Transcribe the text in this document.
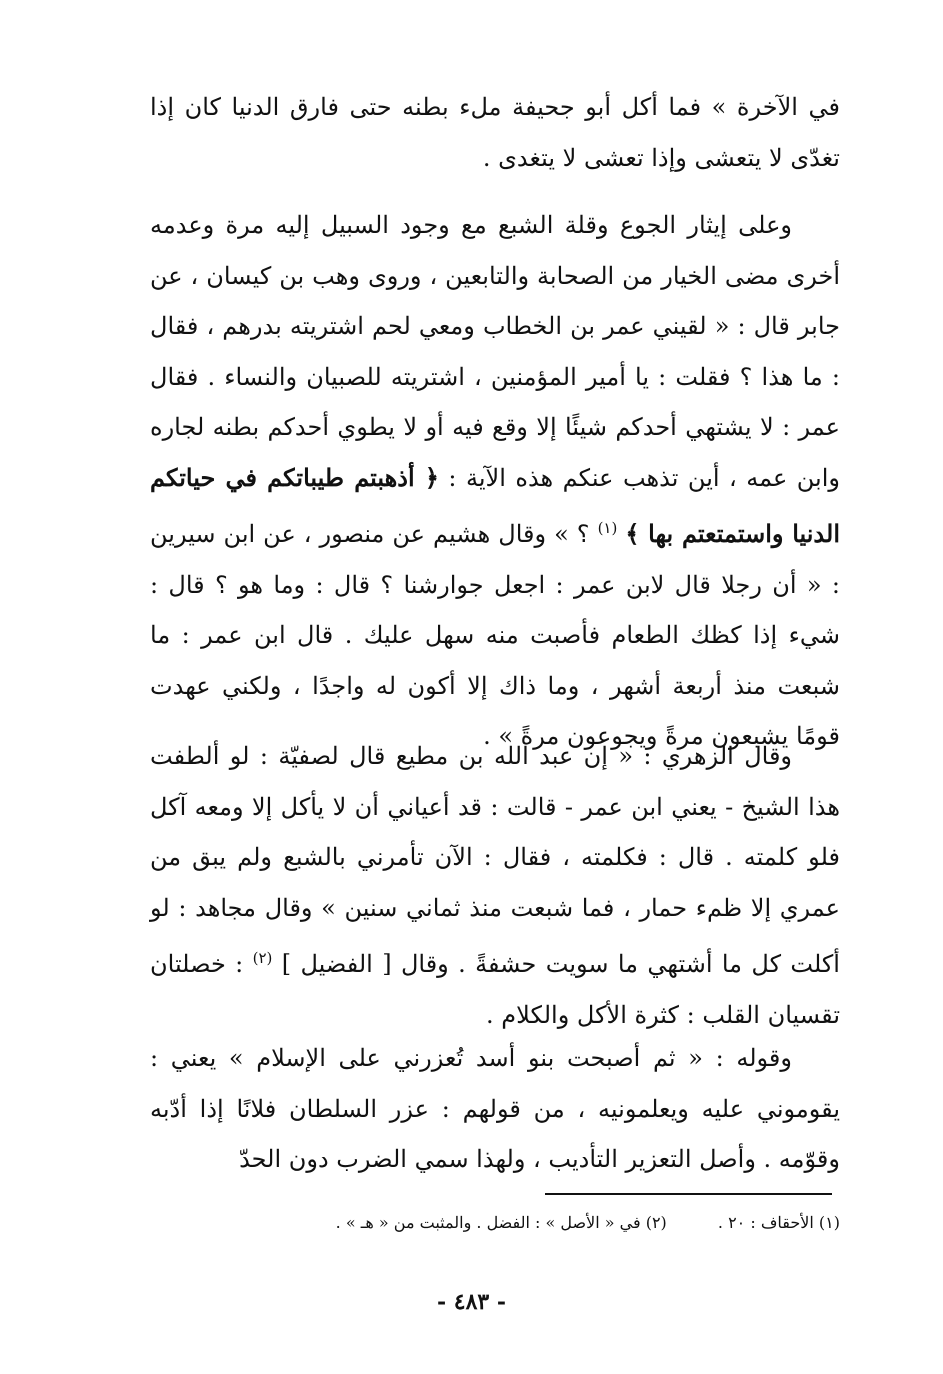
في الآخرة » فما أكل أبو جحيفة ملء بطنه حتى فارق الدنيا كان إذا تغدّى لا يتعشى وإذا تعشى لا يتغدى .

وعلى إيثار الجوع وقلة الشبع مع وجود السبيل إليه مرة وعدمه أخرى مضى الخيار من الصحابة والتابعين ، وروى وهب بن كيسان ، عن جابر قال : « لقيني عمر بن الخطاب ومعي لحم اشتريته بدرهم ، فقال : ما هذا ؟ فقلت : يا أمير المؤمنين ، اشتريته للصبيان والنساء . فقال عمر : لا يشتهي أحدكم شيئًا إلا وقع فيه أو لا يطوي أحدكم بطنه لجاره وابن عمه ، أين تذهب عنكم هذه الآية : ﴿ أذهبتم طيباتكم في حياتكم الدنيا واستمتعتم بها ﴾ $^{(١)}$ ؟ » وقال هشيم عن منصور ، عن ابن سيرين : « أن رجلا قال لابن عمر : اجعل جوارشنا ؟ قال : وما هو ؟ قال : شيء إذا كظك الطعام فأصبت منه سهل عليك . قال ابن عمر : ما شبعت منذ أربعة أشهر ، وما ذاك إلا أكون له واجدًا ، ولكني عهدت قومًا يشبعون مرةً ويجوعون مرةً » .

وقال الزهري : « إن عبد الله بن مطيع قال لصفيّة : لو ألطفت هذا الشيخ - يعني ابن عمر - قالت : قد أعياني أن لا يأكل إلا ومعه آكل فلو كلمته . قال : فكلمته ، فقال : الآن تأمرني بالشبع ولم يبق من عمري إلا ظمء حمار ، فما شبعت منذ ثماني سنين » وقال مجاهد : لو أكلت كل ما أشتهي ما سويت حشفةً . وقال [ الفضيل ] $^{(٢)}$ : خصلتان تقسيان القلب : كثرة الأكل والكلام .

وقوله : « ثم أصبحت بنو أسد تُعزرني على الإسلام » يعني : يقوموني عليه ويعلمونيه ، من قولهم : عزر السلطان فلانًا إذا أدّبه وقوّمه . وأصل التعزير التأديب ، ولهذا سمي الضرب دون الحدّ

(١) الأحقاف : ٢٠ . (٢) في « الأصل » : الفضل . والمثبت من « هـ » .
- ٤٨٣ -
